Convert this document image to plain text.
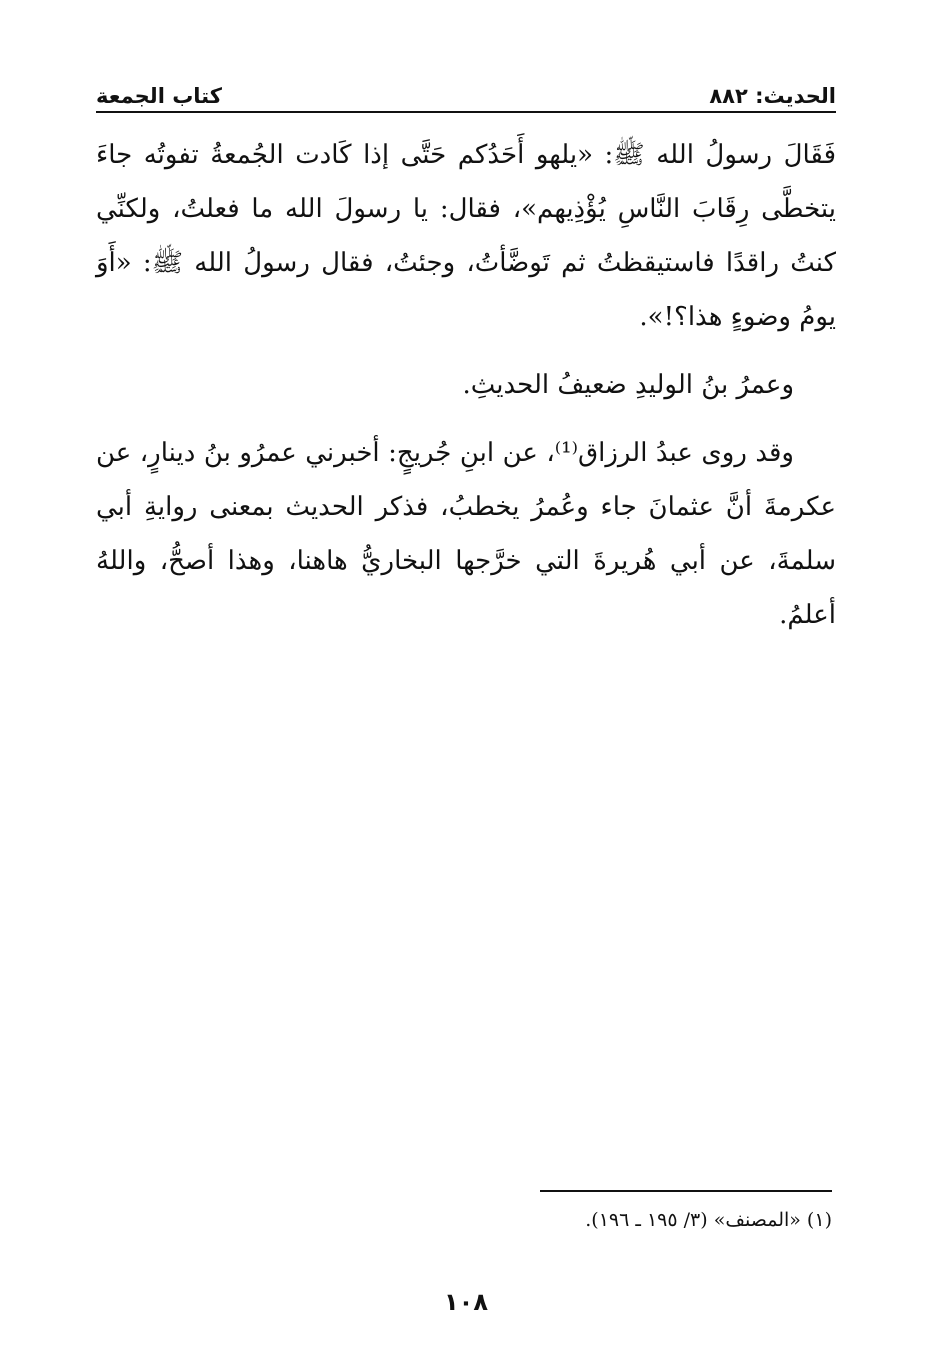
الحديث: ٨٨٢
كتاب الجمعة

فَقَالَ رسولُ الله ﷺ: «يلهو أَحَدُكم حَتَّى إذا كَادت الجُمعةُ تفوتُه جاءَ يتخطَّى رِقَابَ النَّاسِ يُؤْذِيهم»، فقال: يا رسولَ الله ما فعلتُ، ولكنِّي كنتُ راقدًا فاستيقظتُ ثم تَوضَّأتُ، وجئتُ، فقال رسولُ الله ﷺ: «أَوَ يومُ وضوءٍ هذا؟!».

وعمرُ بنُ الوليدِ ضعيفُ الحديثِ.

وقد روى عبدُ الرزاق⁽¹⁾، عن ابنِ جُريجٍ: أخبرني عمرُو بنُ دينارٍ، عن عكرمةَ أنَّ عثمانَ جاء وعُمرُ يخطبُ، فذكر الحديث بمعنى روايةِ أبي سلمةَ، عن أبي هُريرةَ التي خرَّجها البخاريُّ هاهنا، وهذا أصحُّ، واللهُ أعلمُ.

(١) «المصنف» (٣/ ١٩٥ ـ ١٩٦).
١٠٨
